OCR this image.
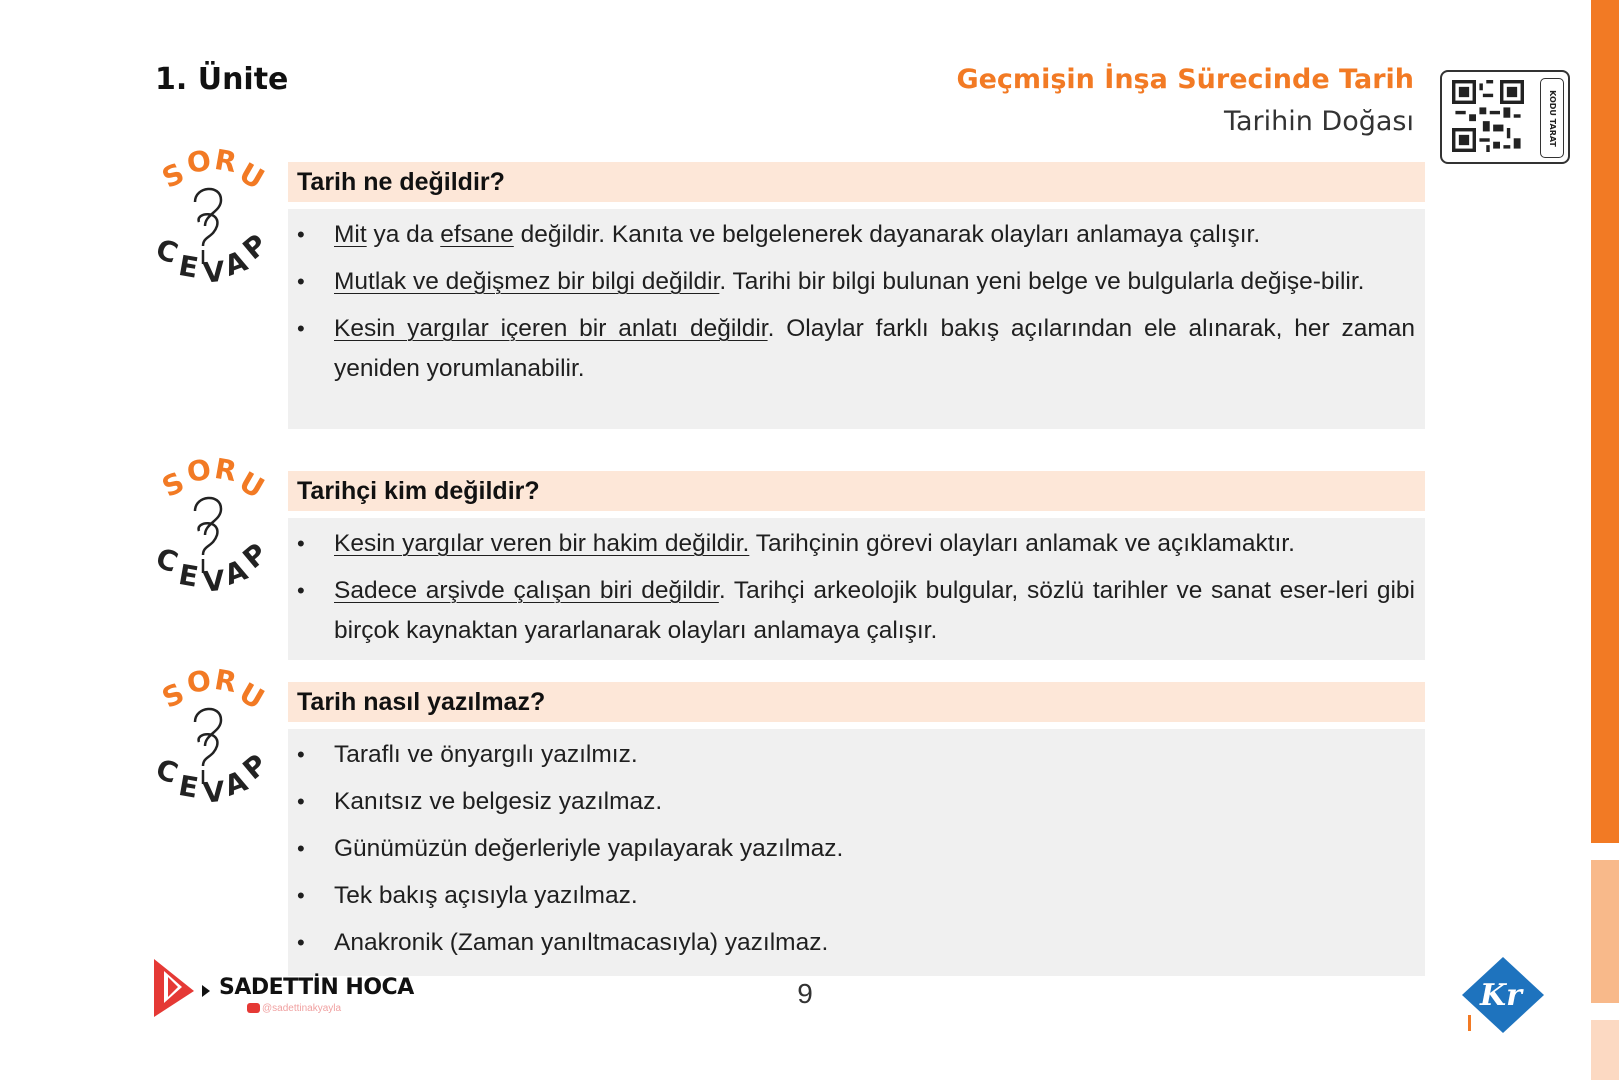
1. Ünite	Geçmişin İnşa Sürecinde Tarih
Tarihin Doğası	KODU TARAT
S
O
R
U
C
E V
A
P
Tarih ne değildir?
• Mit ya da efsane değildir. Kanıta ve belgelenerek dayanarak olayları anlamaya çalışır.
• Mutlak ve değişmez bir bilgi değildir. Tarihi bir bilgi bulunan yeni belge ve bulgularla değişe-bilir.
• Kesin yargılar içeren bir anlatı değildir. Olaylar farklı bakış açılarından ele alınarak, her zaman yeniden yorumlanabilir.
S
O
R
U
C
E V
A
P
Tarihçi kim değildir?
• Kesin yargılar veren bir hakim değildir. Tarihçinin görevi olayları anlamak ve açıklamaktır.
• Sadece arşivde çalışan biri değildir. Tarihçi arkeolojik bulgular, sözlü tarihler ve sanat eser-leri gibi birçok kaynaktan yararlanarak olayları anlamaya çalışır.
S
O
R
U
C
E V
A
P
Tarih nasıl yazılmaz?
• Taraflı ve önyargılı yazılmız.
• Kanıtsız ve belgesiz yazılmaz.
• Günümüzün değerleriyle yapılayarak yazılmaz.
• Tek bakış açısıyla yazılmaz.
• Anakronik (Zaman yanıltmacasıyla) yazılmaz.
SADETTİN HOCA
@sadettinakyayla	9	Kr
